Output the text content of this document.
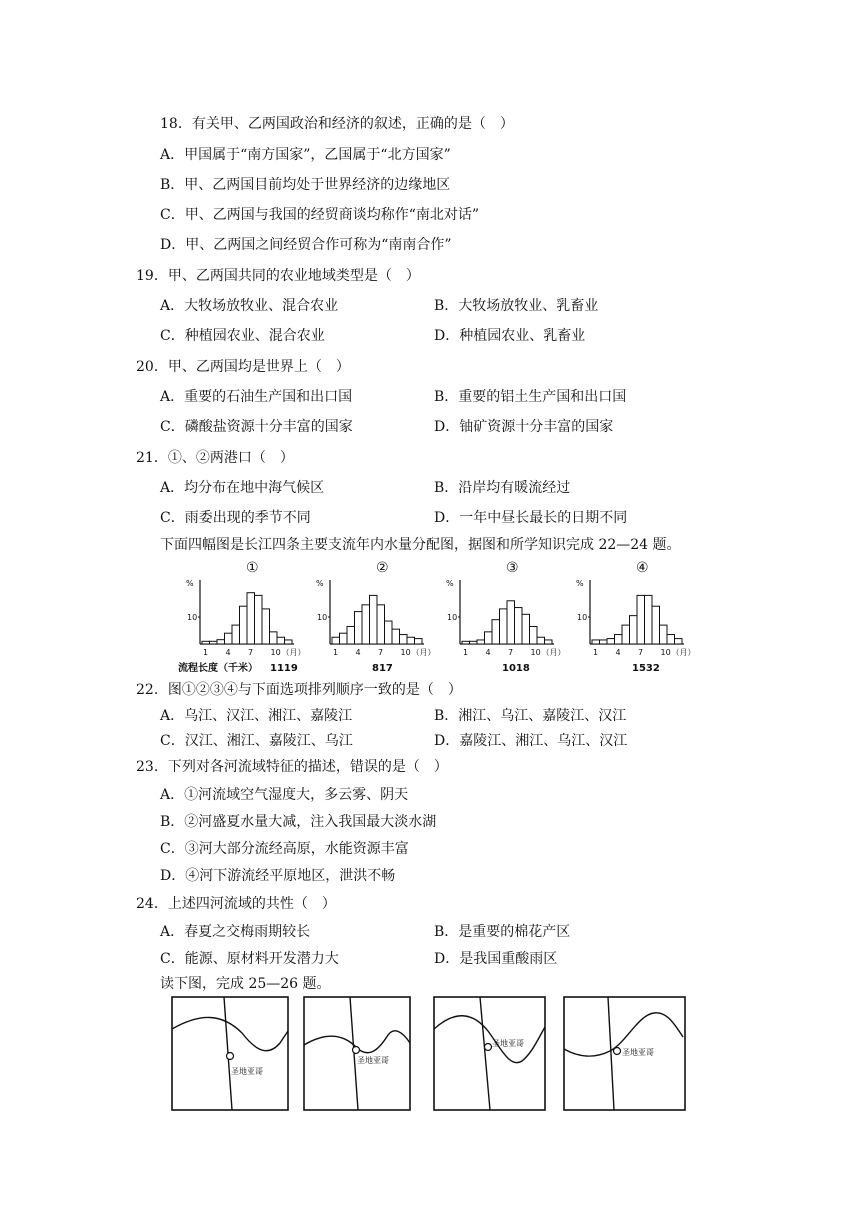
18．有关甲、乙两国政治和经济的叙述，正确的是（　）
A．甲国属于“南方国家”，乙国属于“北方国家”
B．甲、乙两国目前均处于世界经济的边缘地区
C．甲、乙两国与我国的经贸商谈均称作“南北对话”
D．甲、乙两国之间经贸合作可称为“南南合作”
19．甲、乙两国共同的农业地域类型是（　）
A．大牧场放牧业、混合农业	B．大牧场放牧业、乳畜业
C．种植园农业、混合农业	D．种植园农业、乳畜业
20．甲、乙两国均是世界上（　）
A．重要的石油生产国和出口国	B．重要的铝土生产国和出口国
C．磷酸盐资源十分丰富的国家	D．铀矿资源十分丰富的国家
21．①、②两港口（　）
A．均分布在地中海气候区	B．沿岸均有暖流经过
C．雨委出现的季节不同	D．一年中昼长最长的日期不同
下面四幅图是长江四条主要支流年内水量分配图，据图和所学知识完成 22—24 题。
%
10
①
1 4 7 10 （月）
1119
%
10
②
1 4 7 10 （月）
817
%
10
③
1 4 7 10 （月）
1018
%
10
④
1 4 7 10 （月）
1532
流程长度（千米）
22．图①②③④与下面选项排列顺序一致的是（　）
A．乌江、汉江、湘江、嘉陵江	B．湘江、乌江、嘉陵江、汉江
C．汉江、湘江、嘉陵江、乌江	D．嘉陵江、湘江、乌江、汉江
23．下列对各河流域特征的描述，错误的是（　）
A．①河流域空气湿度大，多云雾、阴天
B．②河盛夏水量大减，注入我国最大淡水湖
C．③河大部分流经高原，水能资源丰富
D．④河下游流经平原地区，泄洪不畅
24．上述四河流域的共性（　）
A．春夏之交梅雨期较长	B．是重要的棉花产区
C．能源、原材料开发潜力大	D．是我国重酸雨区
读下图，完成 25—26 题。
圣地亚哥
圣地亚哥
圣地亚哥
圣地亚哥
